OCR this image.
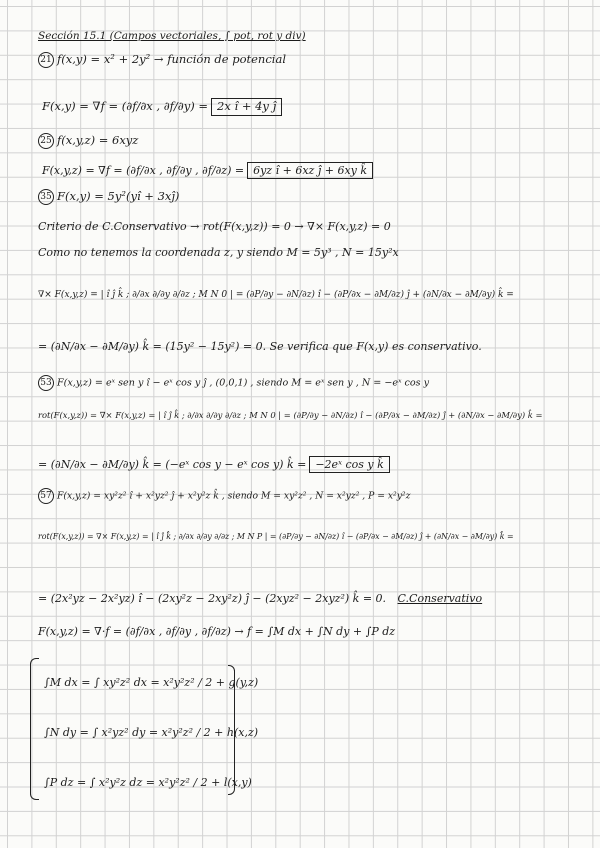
Sección 15.1 (Campos vectoriales, ∫ pot, rot y div)
21 f(x,y) = x² + 2y² → función de potencial
F(x,y) = ∇f = (∂f/∂x , ∂f/∂y) = 2x î + 4y ĵ
25 f(x,y,z) = 6xyz
F(x,y,z) = ∇f = (∂f/∂x , ∂f/∂y , ∂f/∂z) = 6yz î + 6xz ĵ + 6xy k̂
35 F(x,y) = 5y²(yî + 3xĵ)
Criterio de C.Conservativo → rot(F(x,y,z)) = 0 → ∇× F(x,y,z) = 0
Como no tenemos la coordenada z, y siendo M = 5y³ , N = 15y²x
∇× F(x,y,z) = | î ĵ k̂ ; ∂/∂x ∂/∂y ∂/∂z ; M N 0 | = (∂P/∂y − ∂N/∂z) î − (∂P/∂x − ∂M/∂z) ĵ + (∂N/∂x − ∂M/∂y) k̂ =
= (∂N/∂x − ∂M/∂y) k̂ = (15y² − 15y²) = 0. Se verifica que F(x,y) es conservativo.
53 F(x,y,z) = eˣ sen y î − eˣ cos y ĵ , (0,0,1) , siendo M = eˣ sen y , N = −eˣ cos y
rot(F(x,y,z)) = ∇× F(x,y,z) = | î ĵ k̂ ; ∂/∂x ∂/∂y ∂/∂z ; M N 0 | = (∂P/∂y − ∂N/∂z) î − (∂P/∂x − ∂M/∂z) ĵ + (∂N/∂x − ∂M/∂y) k̂ =
= (∂N/∂x − ∂M/∂y) k̂ = (−eˣ cos y − eˣ cos y) k̂ = −2eˣ cos y k̂
57 F(x,y,z) = xy²z² î + x²yz² ĵ + x²y²z k̂ , siendo M = xy²z² , N = x²yz² , P = x²y²z
rot(F(x,y,z)) = ∇× F(x,y,z) = | î ĵ k̂ ; ∂/∂x ∂/∂y ∂/∂z ; M N P | = (∂P/∂y − ∂N/∂z) î − (∂P/∂x − ∂M/∂z) ĵ + (∂N/∂x − ∂M/∂y) k̂ =
= (2x²yz − 2x²yz) î − (2xy²z − 2xy²z) ĵ − (2xyz² − 2xyz²) k̂ = 0. C.Conservativo
F(x,y,z) = ∇·f = (∂f/∂x , ∂f/∂y , ∂f/∂z) → f = ∫M dx + ∫N dy + ∫P dz
∫M dx = ∫ xy²z² dx = x²y²z² / 2 + g(y,z)
∫N dy = ∫ x²yz² dy = x²y²z² / 2 + h(x,z)
∫P dz = ∫ x²y²z dz = x²y²z² / 2 + l(x,y)
